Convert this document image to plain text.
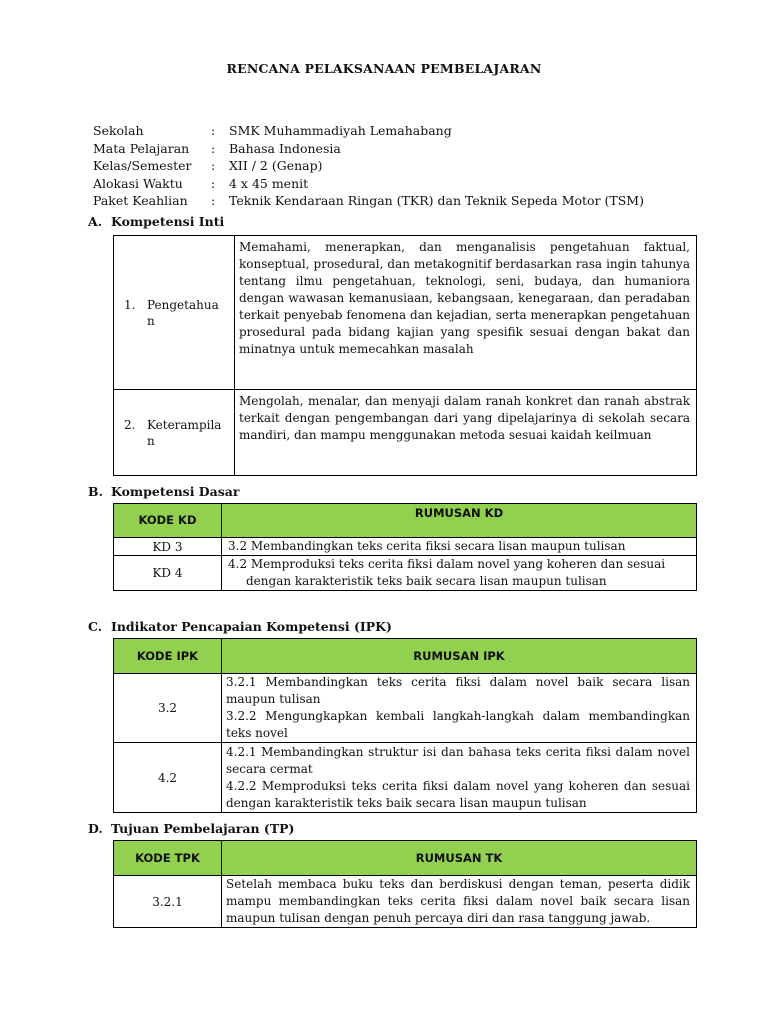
RENCANA PELAKSANAAN PEMBELAJARAN
Sekolah	:	SMK Muhammadiyah Lemahabang
Mata Pelajaran	:	Bahasa Indonesia
Kelas/Semester	:	XII / 2 (Genap)
Alokasi Waktu	:	4 x 45 menit
Paket Keahlian	:	Teknik Kendaraan Ringan (TKR) dan Teknik Sepeda Motor (TSM)
A. Kompetensi Inti
1. Pengetahuan	Memahami, menerapkan, dan menganalisis pengetahuan faktual, konseptual, prosedural, dan metakognitif berdasarkan rasa ingin tahunya tentang ilmu pengetahuan, teknologi, seni, budaya, dan humaniora dengan wawasan kemanusiaan, kebangsaan, kenegaraan, dan peradaban terkait penyebab fenomena dan kejadian, serta menerapkan pengetahuan prosedural pada bidang kajian yang spesifik sesuai dengan bakat dan minatnya untuk memecahkan masalah

2. Keterampilan	Mengolah, menalar, dan menyaji dalam ranah konkret dan ranah abstrak terkait dengan pengembangan dari yang dipelajarinya di sekolah secara mandiri, dan mampu menggunakan metoda sesuai kaidah keilmuan
B. Kompetensi Dasar
KODE KD	RUMUSAN KD
KD 3	3.2 Membandingkan teks cerita fiksi secara lisan maupun tulisan
KD 4	4.2 Memproduksi teks cerita fiksi dalam novel yang koheren dan sesuai
dengan karakteristik teks baik secara lisan maupun tulisan
C. Indikator Pencapaian Kompetensi (IPK)
KODE IPK	RUMUSAN IPK
3.2	3.2.1 Membandingkan teks cerita fiksi dalam novel baik secara lisan maupun tulisan
3.2.2 Mengungkapkan kembali langkah-langkah dalam membandingkan teks novel

4.2	4.2.1 Membandingkan struktur isi dan bahasa teks cerita fiksi dalam novel secara cermat
4.2.2 Memproduksi teks cerita fiksi dalam novel yang koheren dan sesuai dengan karakteristik teks baik secara lisan maupun tulisan
D. Tujuan Pembelajaran (TP)
KODE TPK	RUMUSAN TK
3.2.1	Setelah membaca buku teks dan berdiskusi dengan teman, peserta didik mampu membandingkan teks cerita fiksi dalam novel baik secara lisan maupun tulisan dengan penuh percaya diri dan rasa tanggung jawab.
